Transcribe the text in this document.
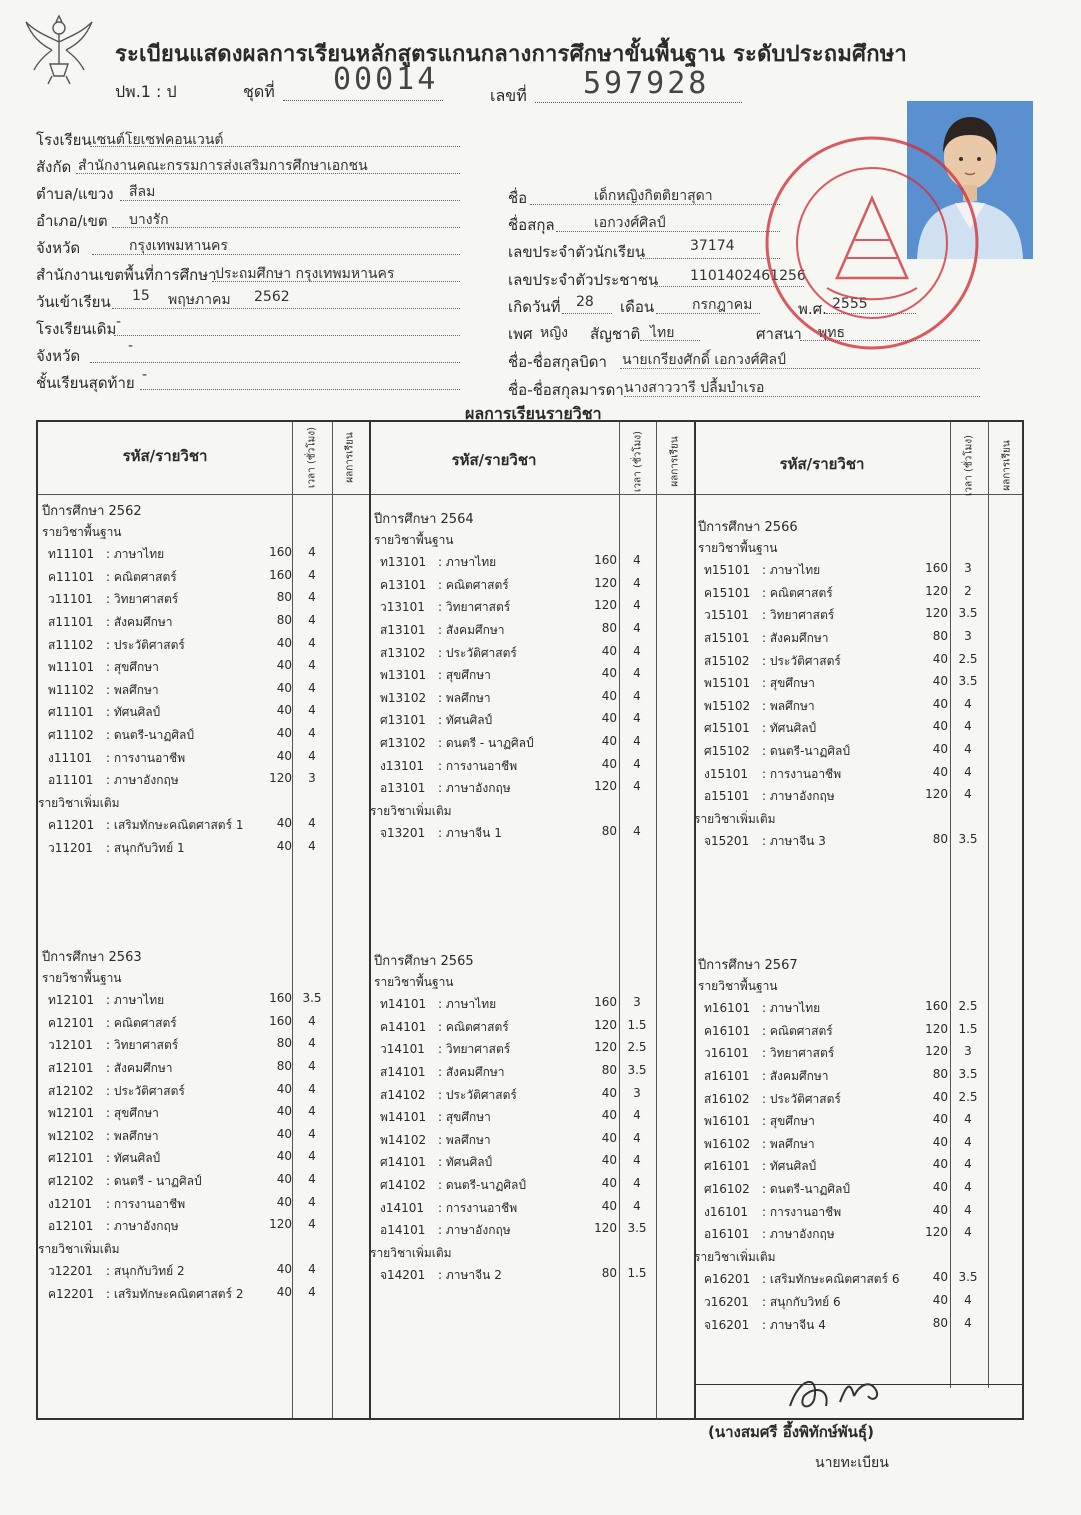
ระเบียนแสดงผลการเรียนหลักสูตรแกนกลางการศึกษาขั้นพื้นฐาน ระดับประถมศึกษา
ปพ.1 : ป	ชุดที่ 00014	เลขที่ 597928
โรงเรียน เซนต์โยเซฟคอนเวนต์
สังกัด สำนักงานคณะกรรมการส่งเสริมการศึกษาเอกชน
ตำบล/แขวง สีลม
อำเภอ/เขต บางรัก
จังหวัด	กรุงเทพมหานคร
สำนักงานเขตพื้นที่การศึกษา
ประถมศึกษา กรุงเทพมหานคร
วันเข้าเรียน 15 พฤษภาคม 2562
โรงเรียนเดิม -
จังหวัด
-
ชั้นเรียนสุดท้าย -
ชื่อ	เด็กหญิงกิตติยาสุดา
ชื่อสกุล	เอกวงศ์ศิลป์
เลขประจำตัวนักเรียน	37174
เลขประจำตัวประชาชน 1101402461256
เกิดวันที่ 28 เดือน	กรกฎาคม	พ.ศ. 2555
เพศ หญิง สัญชาติ ไทย	ศาสนา พุทธ
ชื่อ-ชื่อสกุลบิดา นายเกรียงศักดิ์ เอกวงศ์ศิลป์
ชื่อ-ชื่อสกุลมารดา นางสาววารี ปลื้มบำเรอ
ผลการเรียนรายวิชา
รหัส/รายวิชา	เวลา (ชั่วโมง)	ผลการเรียน	รหัส/รายวิชา	เวลา (ชั่วโมง)	ผลการเรียน	รหัส/รายวิชา	เวลา (ชั่วโมง)	ผลการเรียน
ปีการศึกษา 2562
รายวิชาพื้นฐาน
ท11101 : ภาษาไทย	160	4
ค11101 : คณิตศาสตร์	160	4
ว11101 : วิทยาศาสตร์	80	4
ส11101 : สังคมศึกษา	80	4
ส11102 : ประวัติศาสตร์	40	4
พ11101 : สุขศึกษา	40	4
พ11102 : พลศึกษา	40	4
ศ11101 : ทัศนศิลป์	40	4
ศ11102 : ดนตรี-นาฏศิลป์	40	4
ง11101 : การงานอาชีพ	40	4
อ11101 : ภาษาอังกฤษ	120	3
รายวิชาเพิ่มเติม
ค11201 : เสริมทักษะคณิตศาสตร์ 1	40	4
ว11201 : สนุกกับวิทย์ 1	40	4
ปีการศึกษา 2564
รายวิชาพื้นฐาน
ท13101 : ภาษาไทย	160	4
ค13101 : คณิตศาสตร์	120	4
ว13101 : วิทยาศาสตร์	120	4
ส13101 : สังคมศึกษา	80	4
ส13102 : ประวัติศาสตร์	40	4
พ13101 : สุขศึกษา	40	4
พ13102 : พลศึกษา	40	4
ศ13101 : ทัศนศิลป์	40	4
ศ13102 : ดนตรี - นาฏศิลป์	40	4
ง13101 : การงานอาชีพ	40	4
อ13101 : ภาษาอังกฤษ	120	4
รายวิชาเพิ่มเติม
จ13201 : ภาษาจีน 1	80	4
ปีการศึกษา 2566
รายวิชาพื้นฐาน
ท15101 : ภาษาไทย	160	3
ค15101 : คณิตศาสตร์	120	2
ว15101 : วิทยาศาสตร์	120 3.5
ส15101 : สังคมศึกษา	80	3
ส15102 : ประวัติศาสตร์	40 2.5
พ15101 : สุขศึกษา	40 3.5
พ15102 : พลศึกษา	40	4
ศ15101 : ทัศนศิลป์	40	4
ศ15102 : ดนตรี-นาฏศิลป์	40	4
ง15101 : การงานอาชีพ	40	4
อ15101 : ภาษาอังกฤษ	120	4
รายวิชาเพิ่มเติม
จ15201 : ภาษาจีน 3	80 3.5
ปีการศึกษา 2563
รายวิชาพื้นฐาน
ท12101 : ภาษาไทย	160 3.5
ค12101 : คณิตศาสตร์	160	4
ว12101 : วิทยาศาสตร์	80	4
ส12101 : สังคมศึกษา	80	4
ส12102 : ประวัติศาสตร์	40	4
พ12101 : สุขศึกษา	40	4
พ12102 : พลศึกษา	40	4
ศ12101 : ทัศนศิลป์	40	4
ศ12102 : ดนตรี - นาฏศิลป์	40	4
ง12101 : การงานอาชีพ	40	4
อ12101 : ภาษาอังกฤษ	120	4
รายวิชาเพิ่มเติม
ว12201 : สนุกกับวิทย์ 2	40	4
ค12201 : เสริมทักษะคณิตศาสตร์ 2	40	4
ปีการศึกษา 2565
รายวิชาพื้นฐาน
ท14101 : ภาษาไทย	160	3
ค14101 : คณิตศาสตร์	120 1.5
ว14101 : วิทยาศาสตร์	120 2.5
ส14101 : สังคมศึกษา	80 3.5
ส14102 : ประวัติศาสตร์	40	3
พ14101 : สุขศึกษา	40	4
พ14102 : พลศึกษา	40	4
ศ14101 : ทัศนศิลป์	40	4
ศ14102 : ดนตรี-นาฏศิลป์	40	4
ง14101 : การงานอาชีพ	40	4
อ14101 : ภาษาอังกฤษ	120 3.5
รายวิชาเพิ่มเติม
จ14201 : ภาษาจีน 2	80 1.5
ปีการศึกษา 2567
รายวิชาพื้นฐาน
ท16101 : ภาษาไทย	160 2.5
ค16101 : คณิตศาสตร์	120 1.5
ว16101 : วิทยาศาสตร์	120	3
ส16101 : สังคมศึกษา	80 3.5
ส16102 : ประวัติศาสตร์	40 2.5
พ16101 : สุขศึกษา	40	4
พ16102 : พลศึกษา	40	4
ศ16101 : ทัศนศิลป์	40	4
ศ16102 : ดนตรี-นาฏศิลป์	40	4
ง16101 : การงานอาชีพ	40	4
อ16101 : ภาษาอังกฤษ	120	4
รายวิชาเพิ่มเติม
ค16201 : เสริมทักษะคณิตศาสตร์ 6	40 3.5
ว16201 : สนุกกับวิทย์ 6	40	4
จ16201 : ภาษาจีน 4	80	4
(นางสมศรี อึ้งพิทักษ์พันธุ์)
นายทะเบียน
